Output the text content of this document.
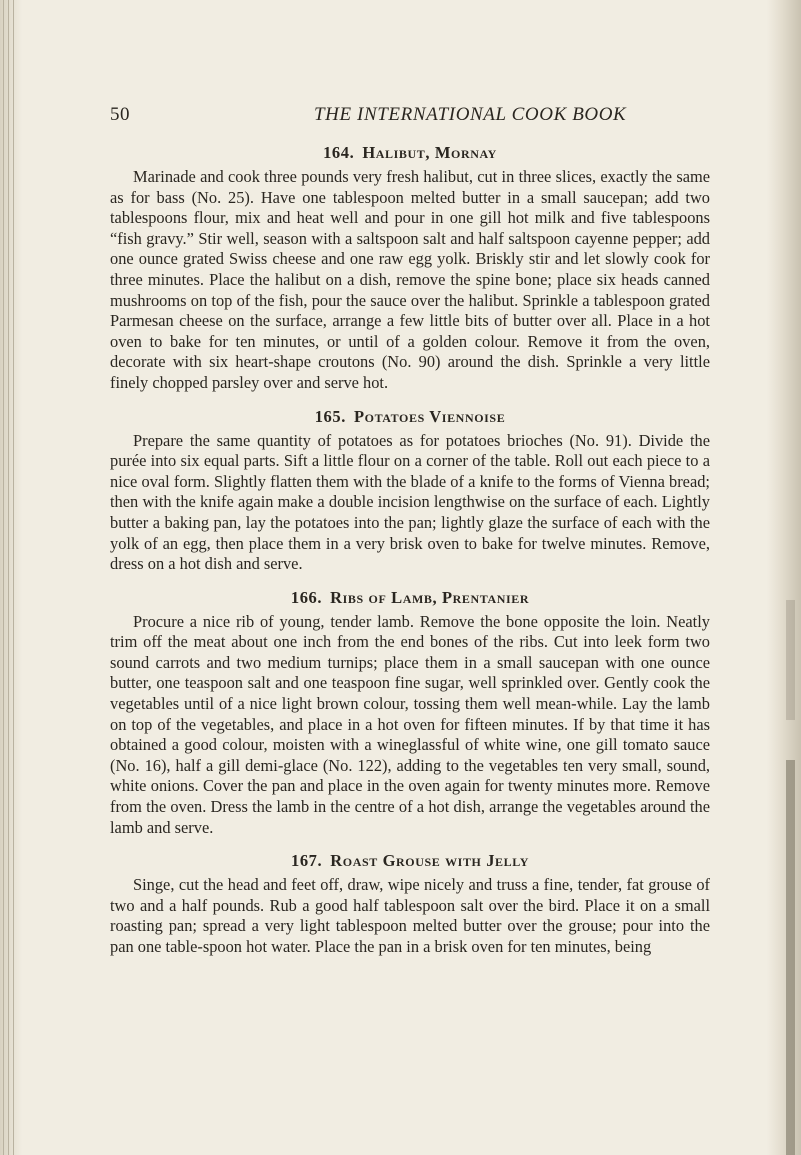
50	THE INTERNATIONAL COOK BOOK
164. Halibut, Mornay

Marinade and cook three pounds very fresh halibut, cut in three slices, exactly the same as for bass (No. 25). Have one tablespoon melted butter in a small saucepan; add two tablespoons flour, mix and heat well and pour in one gill hot milk and five tablespoons “fish gravy.” Stir well, season with a saltspoon salt and half saltspoon cayenne pepper; add one ounce grated Swiss cheese and one raw egg yolk. Briskly stir and let slowly cook for three minutes. Place the halibut on a dish, remove the spine bone; place six heads canned mushrooms on top of the fish, pour the sauce over the halibut. Sprinkle a tablespoon grated Parmesan cheese on the surface, arrange a few little bits of butter over all. Place in a hot oven to bake for ten minutes, or until of a golden colour. Remove it from the oven, decorate with six heart-shape croutons (No. 90) around the dish. Sprinkle a very little finely chopped parsley over and serve hot.

165. Potatoes Viennoise

Prepare the same quantity of potatoes as for potatoes brioches (No. 91). Divide the purée into six equal parts. Sift a little flour on a corner of the table. Roll out each piece to a nice oval form. Slightly flatten them with the blade of a knife to the forms of Vienna bread; then with the knife again make a double incision lengthwise on the surface of each. Lightly butter a baking pan, lay the potatoes into the pan; lightly glaze the surface of each with the yolk of an egg, then place them in a very brisk oven to bake for twelve minutes. Remove, dress on a hot dish and serve.

166. Ribs of Lamb, Prentanier

Procure a nice rib of young, tender lamb. Remove the bone opposite the loin. Neatly trim off the meat about one inch from the end bones of the ribs. Cut into leek form two sound carrots and two medium turnips; place them in a small saucepan with one ounce butter, one teaspoon salt and one teaspoon fine sugar, well sprinkled over. Gently cook the vegetables until of a nice light brown colour, tossing them well mean-while. Lay the lamb on top of the vegetables, and place in a hot oven for fifteen minutes. If by that time it has obtained a good colour, moisten with a wineglassful of white wine, one gill tomato sauce (No. 16), half a gill demi-glace (No. 122), adding to the vegetables ten very small, sound, white onions. Cover the pan and place in the oven again for twenty minutes more. Remove from the oven. Dress the lamb in the centre of a hot dish, arrange the vegetables around the lamb and serve.

167. Roast Grouse with Jelly

Singe, cut the head and feet off, draw, wipe nicely and truss a fine, tender, fat grouse of two and a half pounds. Rub a good half tablespoon salt over the bird. Place it on a small roasting pan; spread a very light tablespoon melted butter over the grouse; pour into the pan one table-spoon hot water. Place the pan in a brisk oven for ten minutes, being
